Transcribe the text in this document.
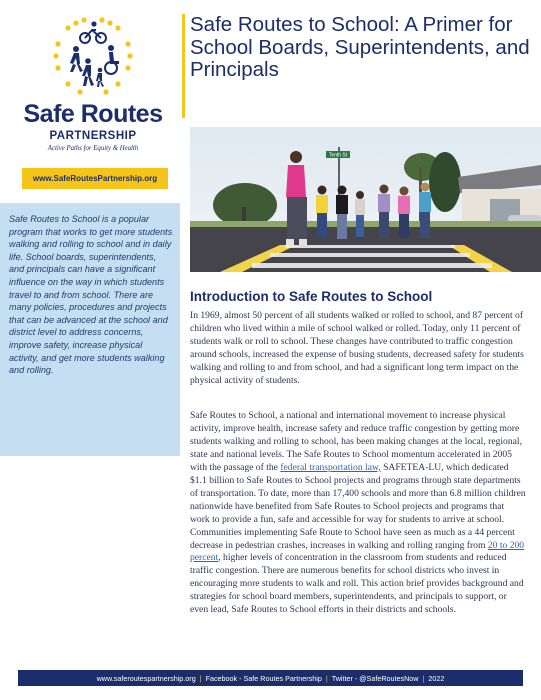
Safe Routes
PARTNERSHIP
Active Paths for Equity & Health
www.SafeRoutesPartnership.org
Safe Routes to School is a popular program that works to get more students walking and rolling to school and in daily life. School boards, superintendents, and principals can have a significant influence on the way in which students travel to and from school. There are many policies, procedures and projects that can be advanced at the school and district level to address concerns, improve safety, increase physical activity, and get more students walking and rolling.
Safe Routes to School: A Primer for School Boards, Superintendents, and Principals
Tenth St
Introduction to Safe Routes to School

In 1969, almost 50 percent of all students walked or rolled to school, and 87 percent of children who lived within a mile of school walked or rolled. Today, only 11 percent of students walk or roll to school. These changes have contributed to traffic congestion around schools, increased the expense of busing students, decreased safety for students walking and rolling to and from school, and had a significant long term impact on the physical activity of students.

Safe Routes to School, a national and international movement to increase physical activity, improve health, increase safety and reduce traffic congestion by getting more students walking and rolling to school, has been making changes at the local, regional, state and national levels. The Safe Routes to School momentum accelerated in 2005 with the passage of the federal transportation law, SAFETEA-LU, which dedicated $1.1 billion to Safe Routes to School projects and programs through state departments of transportation. To date, more than 17,400 schools and more than 6.8 million children nationwide have benefited from Safe Routes to School projects and programs that work to provide a fun, safe and accessible for way for students to arrive at school. Communities implementing Safe Route to School have seen as much as a 44 percent decrease in pedestrian crashes, increases in walking and rolling ranging from 20 to 200 percent, higher levels of concentration in the classroom from students and reduced traffic congestion. There are numerous benefits for school districts who invest in encouraging more students to walk and roll. This action brief provides background and strategies for school board members, superintendents, and principals to support, or even lead, Safe Routes to School efforts in their districts and schools.

www.saferoutespartnership.org | Facebook - Safe Routes Partnership | Twitter - @SafeRoutesNow | 2022
